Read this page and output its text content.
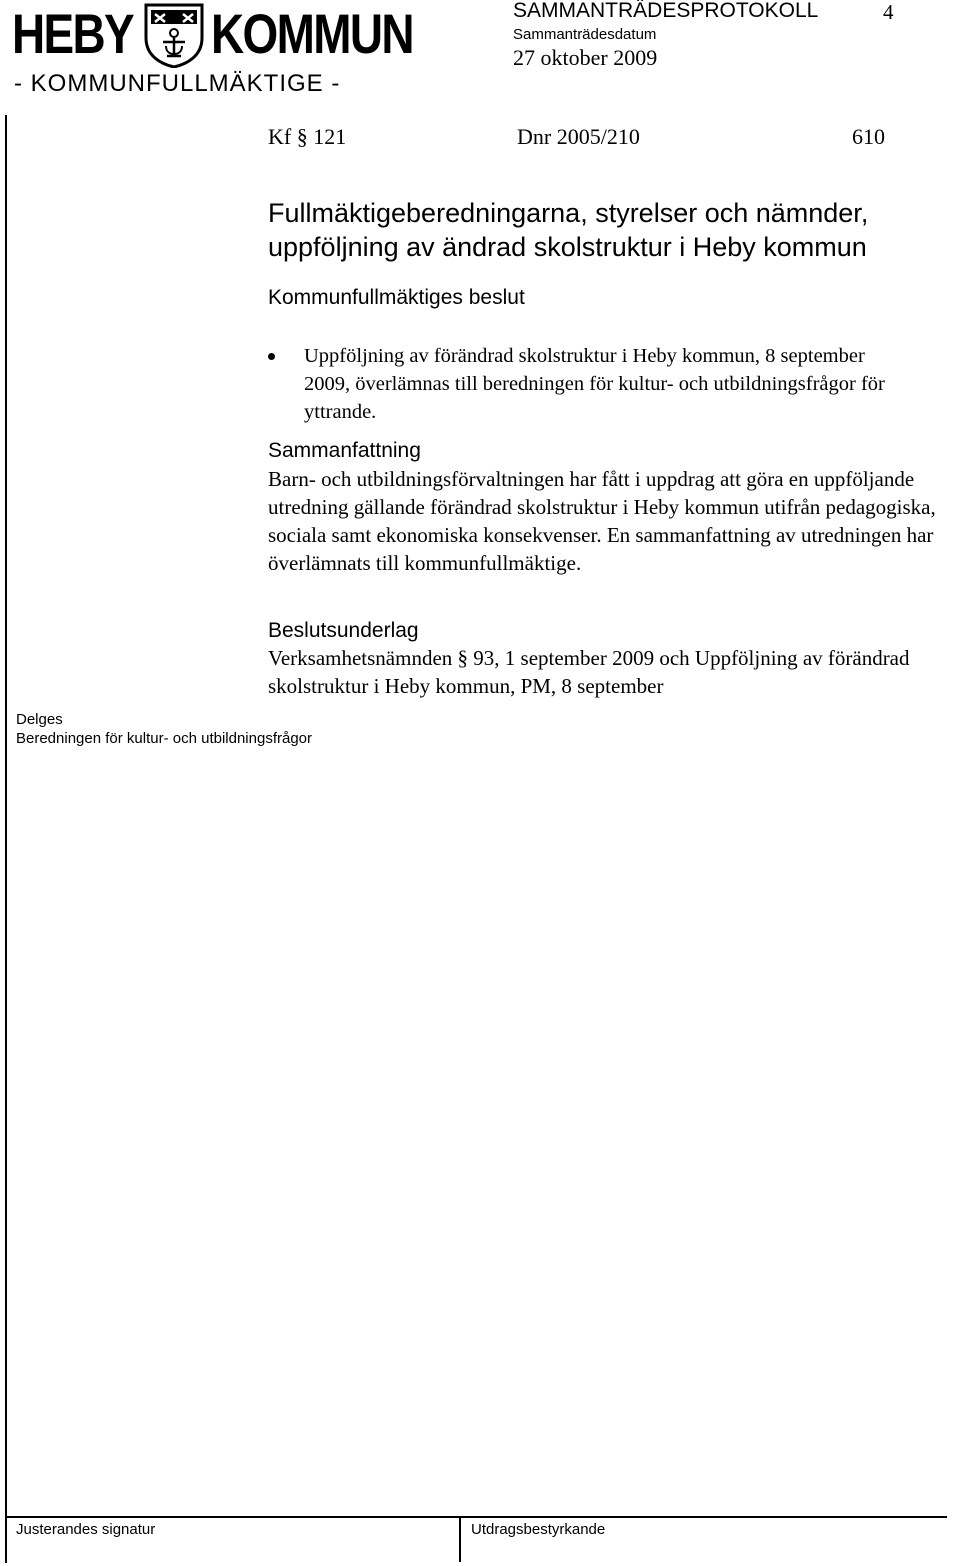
HEBY KOMMUN
- KOMMUNFULLMÄKTIGE -
SAMMANTRÄDESPROTOKOLL	4
Sammanträdesdatum
27 oktober 2009
Kf § 121	Dnr 2005/210	610
Fullmäktigeberedningarna, styrelser och nämnder, uppföljning av ändrad skolstruktur i Heby kommun
Kommunfullmäktiges beslut
Uppföljning av förändrad skolstruktur i Heby kommun, 8 september 2009, överlämnas till beredningen för kultur- och utbildningsfrågor för yttrande.
Sammanfattning
Barn- och utbildningsförvaltningen har fått i uppdrag att göra en uppföljande utredning gällande förändrad skolstruktur i Heby kommun utifrån pedagogiska, sociala samt ekonomiska konsekvenser. En sammanfattning av utredningen har överlämnats till kommunfullmäktige.
Beslutsunderlag
Verksamhetsnämnden § 93, 1 september 2009 och Uppföljning av förändrad skolstruktur i Heby kommun, PM, 8 september
Delges
Beredningen för kultur- och utbildningsfrågor
Justerandes signatur	Utdragsbestyrkande
